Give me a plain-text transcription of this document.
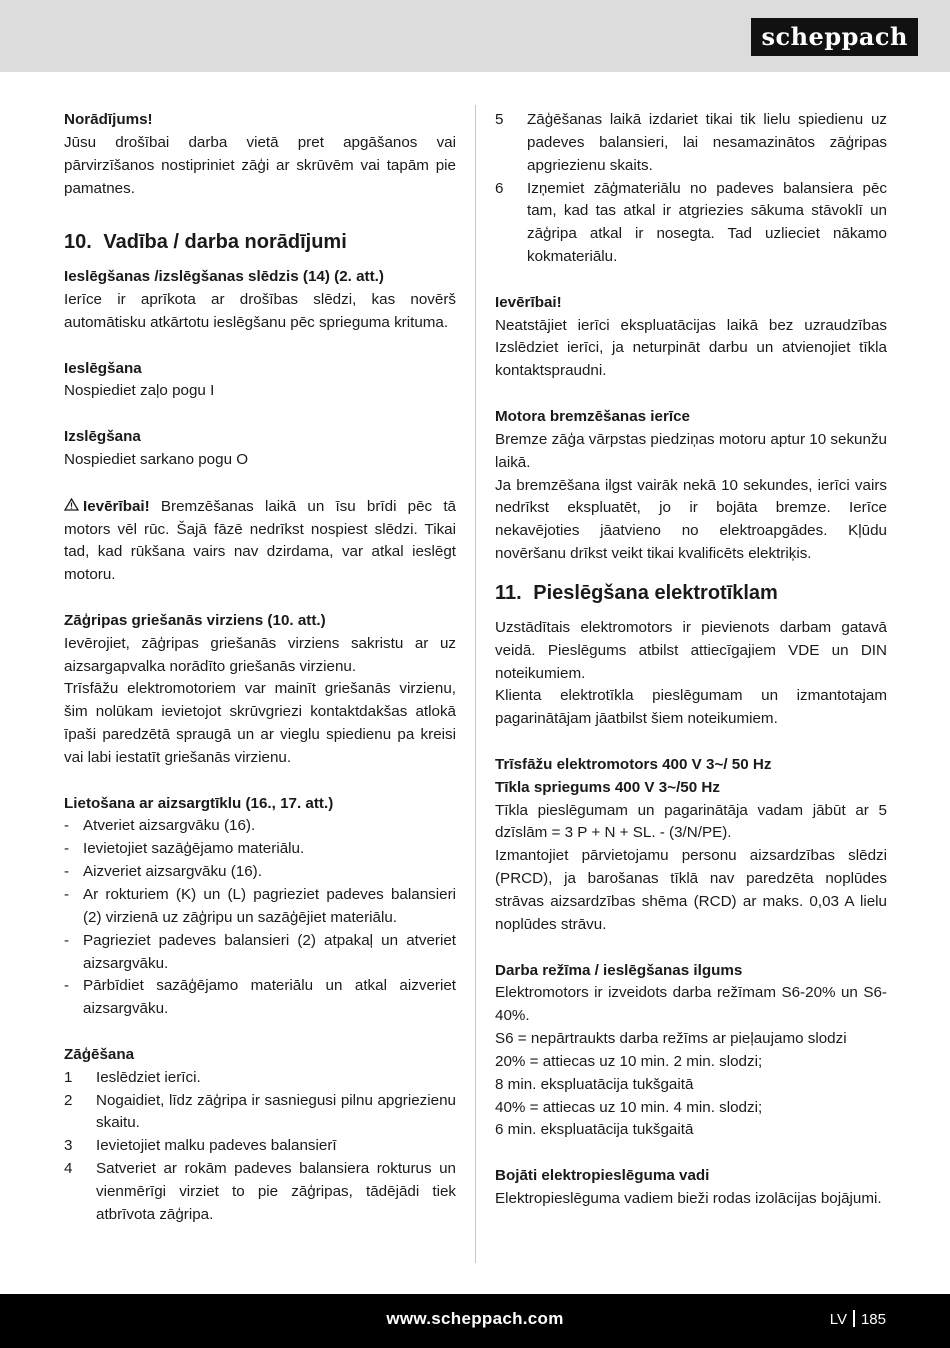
scheppach
Norādījums!
Jūsu drošībai darba vietā pret apgāšanos vai pārvirzīšanos nostipriniet zāģi ar skrūvēm vai tapām pie pamatnes.
10. Vadība / darba norādījumi
Ieslēgšanas /izslēgšanas slēdzis (14) (2. att.)
Ierīce ir aprīkota ar drošības slēdzi, kas novērš automātisku atkārtotu ieslēgšanu pēc sprieguma krituma.
Ieslēgšana
Nospiediet zaļo pogu I
Izslēgšana
Nospiediet sarkano pogu O
Ievērībai! Bremzēšanas laikā un īsu brīdi pēc tā motors vēl rūc. Šajā fāzē nedrīkst nospiest slēdzi. Tikai tad, kad rūkšana vairs nav dzirdama, var atkal ieslēgt motoru.
Zāģripas griešanās virziens (10. att.)
Ievērojiet, zāģripas griešanās virziens sakristu ar uz aizsargapvalka norādīto griešanās virzienu.
Trīsfāžu elektromotoriem var mainīt griešanās virzienu, šim nolūkam ievietojot skrūvgriezi kontaktdakšas atlokā īpaši paredzētā spraugā un ar vieglu spiedienu pa kreisi vai labi iestatīt griešanās virzienu.
Lietošana ar aizsargtīklu (16., 17. att.)
- Atveriet aizsargvāku (16).
- Ievietojiet sazāģējamo materiālu.
- Aizveriet aizsargvāku (16).
- Ar rokturiem (K) un (L) pagrieziet padeves balansieri (2) virzienā uz zāģripu un sazāģējiet materiālu.
- Pagrieziet padeves balansieri (2) atpakaļ un atveriet aizsargvāku.
- Pārbīdiet sazāģējamo materiālu un atkal aizveriet aizsargvāku.
Zāģēšana
1	Ieslēdziet ierīci.
2	Nogaidiet, līdz zāģripa ir sasniegusi pilnu apgriezienu skaitu.
3	Ievietojiet malku padeves balansierī
4	Satveriet ar rokām padeves balansiera rokturus un vienmērīgi virziet to pie zāģripas, tādējādi tiek atbrīvota zāģripa.
5	Zāģēšanas laikā izdariet tikai tik lielu spiedienu uz padeves balansieri, lai nesamazinātos zāģripas apgriezienu skaits.
6	Izņemiet zāģmateriālu no padeves balansiera pēc tam, kad tas atkal ir atgriezies sākuma stāvoklī un zāģripa atkal ir nosegta. Tad uzlieciet nākamo kokmateriālu.
Ievērībai!
Neatstājiet ierīci ekspluatācijas laikā bez uzraudzības Izslēdziet ierīci, ja neturpināt darbu un atvienojiet tīkla kontaktspraudni.
Motora bremzēšanas ierīce
Bremze zāģa vārpstas piedziņas motoru aptur 10 sekunžu laikā.
Ja bremzēšana ilgst vairāk nekā 10 sekundes, ierīci vairs nedrīkst ekspluatēt, jo ir bojāta bremze. Ierīce nekavējoties jāatvieno no elektroapgādes. Kļūdu novēršanu drīkst veikt tikai kvalificēts elektriķis.
11. Pieslēgšana elektrotīklam
Uzstādītais elektromotors ir pievienots darbam gatavā veidā. Pieslēgums atbilst attiecīgajiem VDE un DIN noteikumiem.
Klienta elektrotīkla pieslēgumam un izmantotajam pagarinātājam jāatbilst šiem noteikumiem.
Trīsfāžu elektromotors 400 V 3~/ 50 Hz
Tīkla spriegums 400 V 3~/50 Hz
Tīkla pieslēgumam un pagarinātāja vadam jābūt ar 5 dzīslām = 3 P + N + SL. - (3/N/PE).
Izmantojiet pārvietojamu personu aizsardzības slēdzi (PRCD), ja barošanas tīklā nav paredzēta noplūdes strāvas aizsardzības shēma (RCD) ar maks. 0,03 A lielu noplūdes strāvu.
Darba režīma / ieslēgšanas ilgums
Elektromotors ir izveidots darba režīmam S6-20% un S6-40%.
S6 = nepārtraukts darba režīms ar pieļaujamo slodzi
20% = attiecas uz 10 min. 2 min. slodzi;
8 min. ekspluatācija tukšgaitā
40% = attiecas uz 10 min. 4 min. slodzi;
6 min. ekspluatācija tukšgaitā
Bojāti elektropieslēguma vadi
Elektropieslēguma vadiem bieži rodas izolācijas bojājumi.
www.scheppach.com	LV 185
